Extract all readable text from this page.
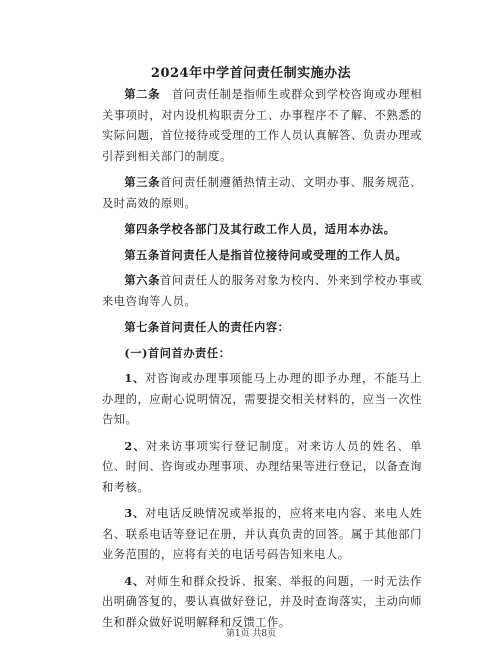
2024年中学首问责任制实施办法

第二条　 首问责任制是指师生或群众到学校咨询或办理相关事项时，对内设机构职责分工、办事程序不了解、不熟悉的实际问题，首位接待或受理的工作人员认真解答、负责办理或引荐到相关部门的制度。

第三条首问责任制遵循热情主动、文明办事、服务规范、及时高效的原则。

第四条学校各部门及其行政工作人员，适用本办法。

第五条首问责任人是指首位接待问或受理的工作人员。

第六条首问责任人的服务对象为校内、外来到学校办事或来电咨询等人员。

第七条首问责任人的责任内容：

(一)首问首办责任：

1、对咨询或办理事项能马上办理的即予办理，不能马上办理的，应耐心说明情况，需要提交相关材料的，应当一次性告知。

2、对来访事项实行登记制度。对来访人员的姓名、单位、时间、咨询或办理事项、办理结果等进行登记，以备查询和考核。

3、对电话反映情况或举报的，应将来电内容、来电人姓名、联系电话等登记在册，并认真负责的回答。属于其他部门业务范围的，应将有关的电话号码告知来电人。

4、对师生和群众投诉、报案、举报的问题，一时无法作出明确答复的，要认真做好登记，并及时查询落实，主动向师生和群众做好说明解释和反馈工作。

第1页 共8页
